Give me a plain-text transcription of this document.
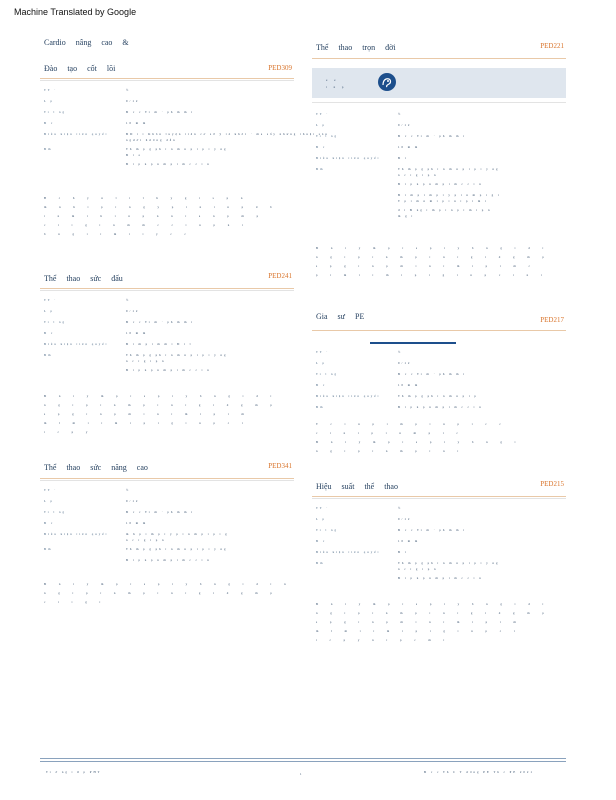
Machine Translated by Google
Cardio nâng cao &
Đào tạo cốt lõi	PED309
TT ·	½
L p	9/12
Tr l ng	Đ c c Tr m · ph m m t
Đ c	10 m m
Điều kiện tiên quyết	ĐD t t Khôn luyện tiên cơ sở ý tả khôi · ma sấy nhưng thuật sáu
người hướng dẫn
Đm	Th m p g ph t n m n p t p t y ng
Đ t a
Đ t p n p n m p t m c c t n
B c h y n l t l h y g t s p n
m n h t p t n g y p t n t n p d b
t n m t h t n p n n t a n p m p
c t t g t n m m c c t n p n t
b n g t t m t t y c c
Thể thao sức đấu	PED241
TT ·	½
L p	9/12
Tr l ng	Đ c c Tr m · ph m m t
Đ c	10 m m
Điều kiện tiên quyết	Đ t m p t m m t Đ t l
Đm	Th m p g ph t n m n p t p t y ng
n c t g t p n
Đ t p n p n m p t m c c t n
Đ n t y m p t s p t y b n g t d t
n g t p t n m p t n t g t d g m p
s p g t n p m t n t m t p t m
m l m t t m t p t g t n p c t
t c p y
Thể thao sức năng cao	PED341
TT ·	½
L p	9/12
Tr l ng	Đ c c Tr m · ph m m t
Đ c	10 m m
Điều kiện tiên quyết	m h p t m p t y p t n m p t p t g
n c t g t p n
Đm	Th m p g ph t n m n p t p t y ng
Đ t p n p n m p t m c c t n
Đ n t y m p t s p t y b n g t d t n
n g t p t n m p t n t g t d g m p
c t t g t
Thể thao trọn đời	PED221
e e
t n p
TT ·	½
L p	9/12
Tr l ng	Đ c c Tr m · ph m m t
Đ c	10 m m
Điều kiện tiên quyết	Đ t
Đm	Th m p g ph t n m n p t p t y ng
n c t g t p n
Đ t p n p n m p t m c c t n
Đ t m p t m p t y p t n m p t g t
T p t m n m t p t n t p t m t
đ t Đ ng t m p t n p t m t p n
m g t
Đ n t y m p t s p t y b n g t d t
n g t p t n m p t n t g t d g m p
s p g t n p m t n t m t p t m c
p t m t t m t p t g t n p c t n t
Gia sư PE	PED217
TT ·	½
L p	9/12
Tr l ng	Đ c c Tr m · ph m m t
Đ c	10 m m
Điều kiện tiên quyết	Th m p g ph t n m n p t p
Đm	Đ t p n p n m p t m c c t n
T c t n p t m p t n p t c c
c t n t p t n m p t c
Đ n t y m p t s p t y b n g t
n g t p t n m p t n t
Hiệu suất thể thao	PED215
TT ·	½
L p	9/12
Tr l ng	Đ c c Tr m · ph m m t
Đ c	10 m m
Điều kiện tiên quyết	Đ t
Đm	Th m p g ph t n m n p t p t y ng
n c t g t p n
Đ t p n p n m p t m c c t n
Đ n t y m p t s p t y b n g t d t
n g t p t n m p t n t g t d g m p
s p g t n p m t n t m t p t m
m l m t t m t p t g t n p c t
t c p y n t p c m t
Tr ờ ng t ừ p PHT	1	Đ c c Th C T ường PE Th c PE 2021
